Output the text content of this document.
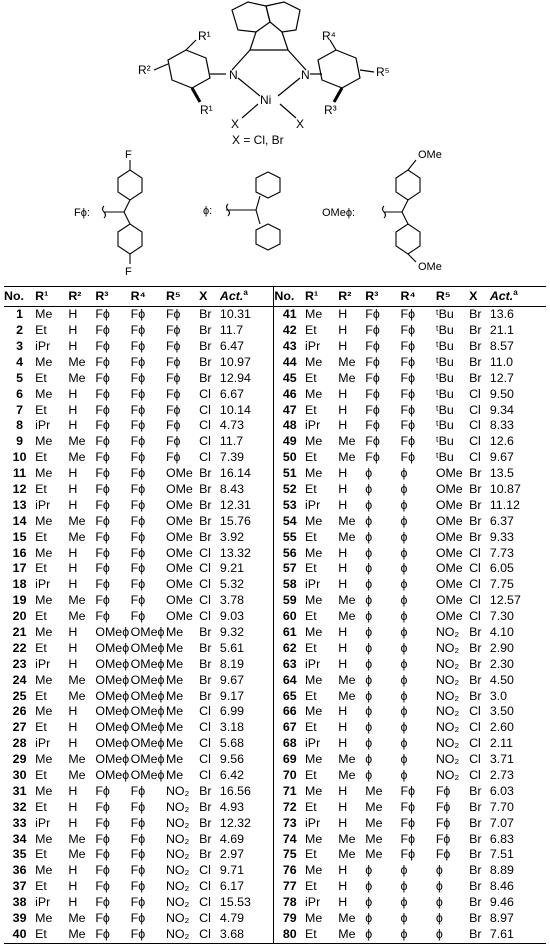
N	N
Ni
X	X
R¹
R²
R¹
R⁴
R⁵
R³
X = Cl, Br
F
F
Fϕ:	ϕ:
OMe
OMe
OMeϕ:
No.	R¹	R²	R³	R⁴	R⁵	X	Act.$^a$	No.	R¹	R²	R³	R⁴	R⁵	X	Act.$^a$
1	Me	H	Fϕ	Fϕ	Fϕ	Br	10.31	41	Me	H	Fϕ	Fϕ	ᵗBu	Br	13.6
2	Et	H	Fϕ	Fϕ	Fϕ	Br	11.7	42	Et	H	Fϕ	Fϕ	ᵗBu	Br	21.1
3	iPr	H	Fϕ	Fϕ	Fϕ	Br	6.47	43	iPr	H	Fϕ	Fϕ	ᵗBu	Br	8.57
4	Me	Me	Fϕ	Fϕ	Fϕ	Br	10.97	44	Me	Me	Fϕ	Fϕ	ᵗBu	Br	11.0
5	Et	Me	Fϕ	Fϕ	Fϕ	Br	12.94	45	Et	Me	Fϕ	Fϕ	ᵗBu	Br	12.7
6	Me	H	Fϕ	Fϕ	Fϕ	Cl	6.67	46	Me	H	Fϕ	Fϕ	ᵗBu	Cl	9.50
7	Et	H	Fϕ	Fϕ	Fϕ	Cl	10.14	47	Et	H	Fϕ	Fϕ	ᵗBu	Cl	9.34
8	iPr	H	Fϕ	Fϕ	Fϕ	Cl	4.73	48	iPr	H	Fϕ	Fϕ	ᵗBu	Cl	8.33
9	Me	Me	Fϕ	Fϕ	Fϕ	Cl	11.7	49	Me	Me	Fϕ	Fϕ	ᵗBu	Cl	12.6
10	Et	Me	Fϕ	Fϕ	Fϕ	Cl	7.39	50	Et	Me	Fϕ	Fϕ	ᵗBu	Cl	9.67
11	Me	H	Fϕ	Fϕ	OMe	Br	16.14	51	Me	H	ϕ	ϕ	OMe	Br	13.5
12	Et	H	Fϕ	Fϕ	OMe	Br	8.43	52	Et	H	ϕ	ϕ	OMe	Br	10.87
13	iPr	H	Fϕ	Fϕ	OMe	Br	12.31	53	iPr	H	ϕ	ϕ	OMe	Br	11.12
14	Me	Me	Fϕ	Fϕ	OMe	Br	15.76	54	Me	Me	ϕ	ϕ	OMe	Br	6.37
15	Et	Me	Fϕ	Fϕ	OMe	Br	3.92	55	Et	Me	ϕ	ϕ	OMe	Br	9.33
16	Me	H	Fϕ	Fϕ	OMe	Cl	13.32	56	Me	H	ϕ	ϕ	OMe	Cl	7.73
17	Et	H	Fϕ	Fϕ	OMe	Cl	9.21	57	Et	H	ϕ	ϕ	OMe	Cl	6.05
18	iPr	H	Fϕ	Fϕ	OMe	Cl	5.32	58	iPr	H	ϕ	ϕ	OMe	Cl	7.75
19	Me	Me	Fϕ	Fϕ	OMe	Cl	3.78	59	Me	Me	ϕ	ϕ	OMe	Cl	12.57
20	Et	Me	Fϕ	Fϕ	OMe	Cl	9.03	60	Et	Me	ϕ	ϕ	OMe	Cl	7.30
21	Me	H	OMeϕ	OMeϕ	Me	Br	9.32	61	Me	H	ϕ	ϕ	NO₂	Br	4.10
22	Et	H	OMeϕ	OMeϕ	Me	Br	5.61	62	Et	H	ϕ	ϕ	NO₂	Br	2.90
23	iPr	H	OMeϕ	OMeϕ	Me	Br	8.19	63	iPr	H	ϕ	ϕ	NO₂	Br	2.30
24	Me	Me	OMeϕ	OMeϕ	Me	Br	9.67	64	Me	Me	ϕ	ϕ	NO₂	Br	4.50
25	Et	Me	OMeϕ	OMeϕ	Me	Br	9.17	65	Et	Me	ϕ	ϕ	NO₂	Br	3.0
26	Me	H	OMeϕ	OMeϕ	Me	Cl	6.99	66	Me	H	ϕ	ϕ	NO₂	Cl	3.50
27	Et	H	OMeϕ	OMeϕ	Me	Cl	3.18	67	Et	H	ϕ	ϕ	NO₂	Cl	2.60
28	iPr	H	OMeϕ	OMeϕ	Me	Cl	5.68	68	iPr	H	ϕ	ϕ	NO₂	Cl	2.11
29	Me	Me	OMeϕ	OMeϕ	Me	Cl	9.56	69	Me	Me	ϕ	ϕ	NO₂	Cl	3.71
30	Et	Me	OMeϕ	OMeϕ	Me	Cl	6.42	70	Et	Me	ϕ	ϕ	NO₂	Cl	2.73
31	Me	H	Fϕ	Fϕ	NO₂	Br	16.56	71	Me	H	Me	Fϕ	Fϕ	Br	6.03
32	Et	H	Fϕ	Fϕ	NO₂	Br	4.93	72	Et	H	Me	Fϕ	Fϕ	Br	7.70
33	iPr	H	Fϕ	Fϕ	NO₂	Br	12.32	73	iPr	H	Me	Fϕ	Fϕ	Br	7.07
34	Me	Me	Fϕ	Fϕ	NO₂	Br	4.69	74	Me	Me	Me	Fϕ	Fϕ	Br	6.83
35	Et	Me	Fϕ	Fϕ	NO₂	Br	2.97	75	Et	Me	Me	Fϕ	Fϕ	Br	7.51
36	Me	H	Fϕ	Fϕ	NO₂	Cl	9.71	76	Me	H	ϕ	ϕ	ϕ	Br	8.89
37	Et	H	Fϕ	Fϕ	NO₂	Cl	6.17	77	Et	H	ϕ	ϕ	ϕ	Br	8.46
38	iPr	H	Fϕ	Fϕ	NO₂	Cl	15.53	78	iPr	H	ϕ	ϕ	ϕ	Br	9.46
39	Me	Me	Fϕ	Fϕ	NO₂	Cl	4.79	79	Me	Me	ϕ	ϕ	ϕ	Br	8.97
40	Et	Me	Fϕ	Fϕ	NO₂	Cl	3.68	80	Et	Me	ϕ	ϕ	ϕ	Br	7.61
